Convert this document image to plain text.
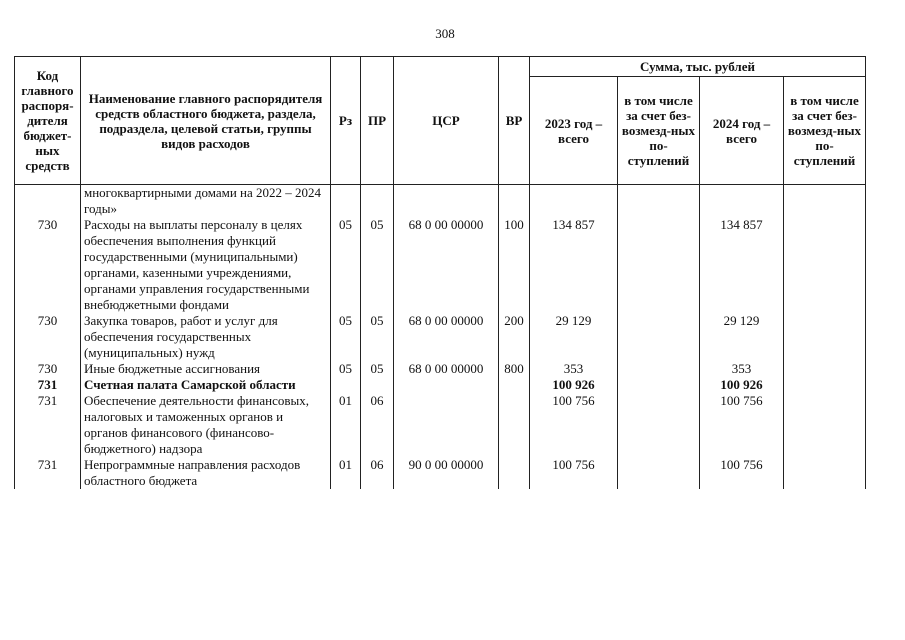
308
Код главного распоря-дителя бюджет-ных средств	Наименование главного распорядителя средств областного бюджета, раздела, подраздела, целевой статьи, группы видов расходов	Рз	ПР	ЦСР	ВР	Сумма, тыс. рублей			
						2023 год – всего	в том числе за счет без-возмезд-ных по-ступлений	2024 год – всего	в том числе за счет без-возмезд-ных по-ступлений
	многоквартирными домами на 2022 – 2024 годы»								
730	Расходы на выплаты персоналу в целях обеспечения выполнения функций государственными (муниципальными) органами, казенными учреждениями, органами управления государственными внебюджетными фондами	05	05	68 0 00 00000	100	134 857		134 857	
730	Закупка товаров, работ и услуг для обеспечения государственных (муниципальных) нужд	05	05	68 0 00 00000	200	29 129		29 129	
730	Иные бюджетные ассигнования	05	05	68 0 00 00000	800	353		353	
731	Счетная палата Самарской области					100 926		100 926	
731	Обеспечение деятельности финансовых, налоговых и таможенных органов и органов финансового (финансово-бюджетного) надзора	01	06			100 756		100 756	
731	Непрограммные направления расходов областного бюджета	01	06	90 0 00 00000		100 756		100 756	
